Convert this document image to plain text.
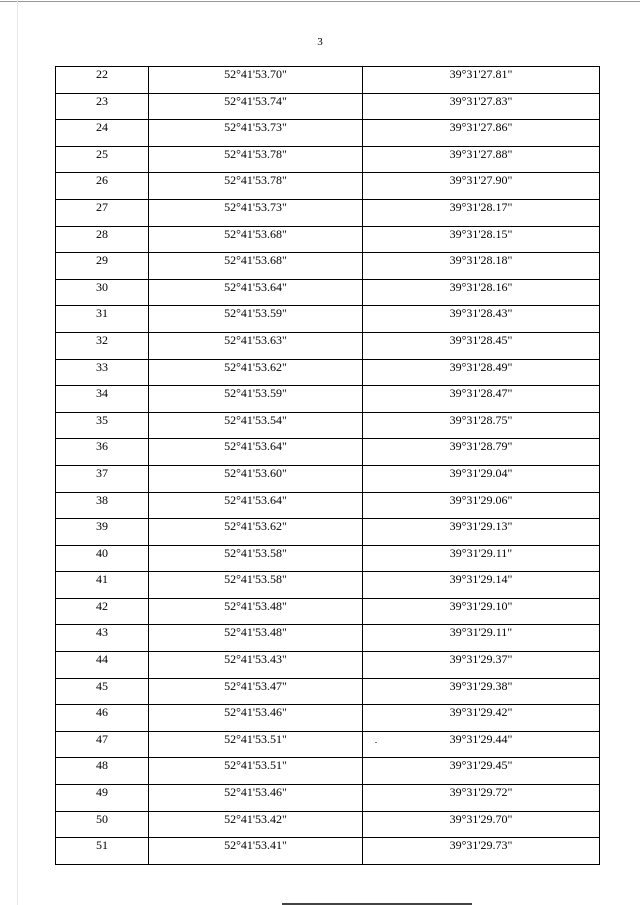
3
22	52°41'53.70"	39°31'27.81"
23	52°41'53.74"	39°31'27.83"
24	52°41'53.73"	39°31'27.86"
25	52°41'53.78"	39°31'27.88"
26	52°41'53.78"	39°31'27.90"
27	52°41'53.73"	39°31'28.17"
28	52°41'53.68"	39°31'28.15"
29	52°41'53.68"	39°31'28.18"
30	52°41'53.64"	39°31'28.16"
31	52°41'53.59"	39°31'28.43"
32	52°41'53.63"	39°31'28.45"
33	52°41'53.62"	39°31'28.49"
34	52°41'53.59"	39°31'28.47"
35	52°41'53.54"	39°31'28.75"
36	52°41'53.64"	39°31'28.79"
37	52°41'53.60"	39°31'29.04"
38	52°41'53.64"	39°31'29.06"
39	52°41'53.62"	39°31'29.13"
40	52°41'53.58"	39°31'29.11"
41	52°41'53.58"	39°31'29.14"
42	52°41'53.48"	39°31'29.10"
43	52°41'53.48"	39°31'29.11"
44	52°41'53.43"	39°31'29.37"
45	52°41'53.47"	39°31'29.38"
46	52°41'53.46"	39°31'29.42"
47	52°41'53.51"	39°31'29.44"
48	52°41'53.51"	39°31'29.45"
49	52°41'53.46"	39°31'29.72"
50	52°41'53.42"	39°31'29.70"
51	52°41'53.41"	39°31'29.73"
